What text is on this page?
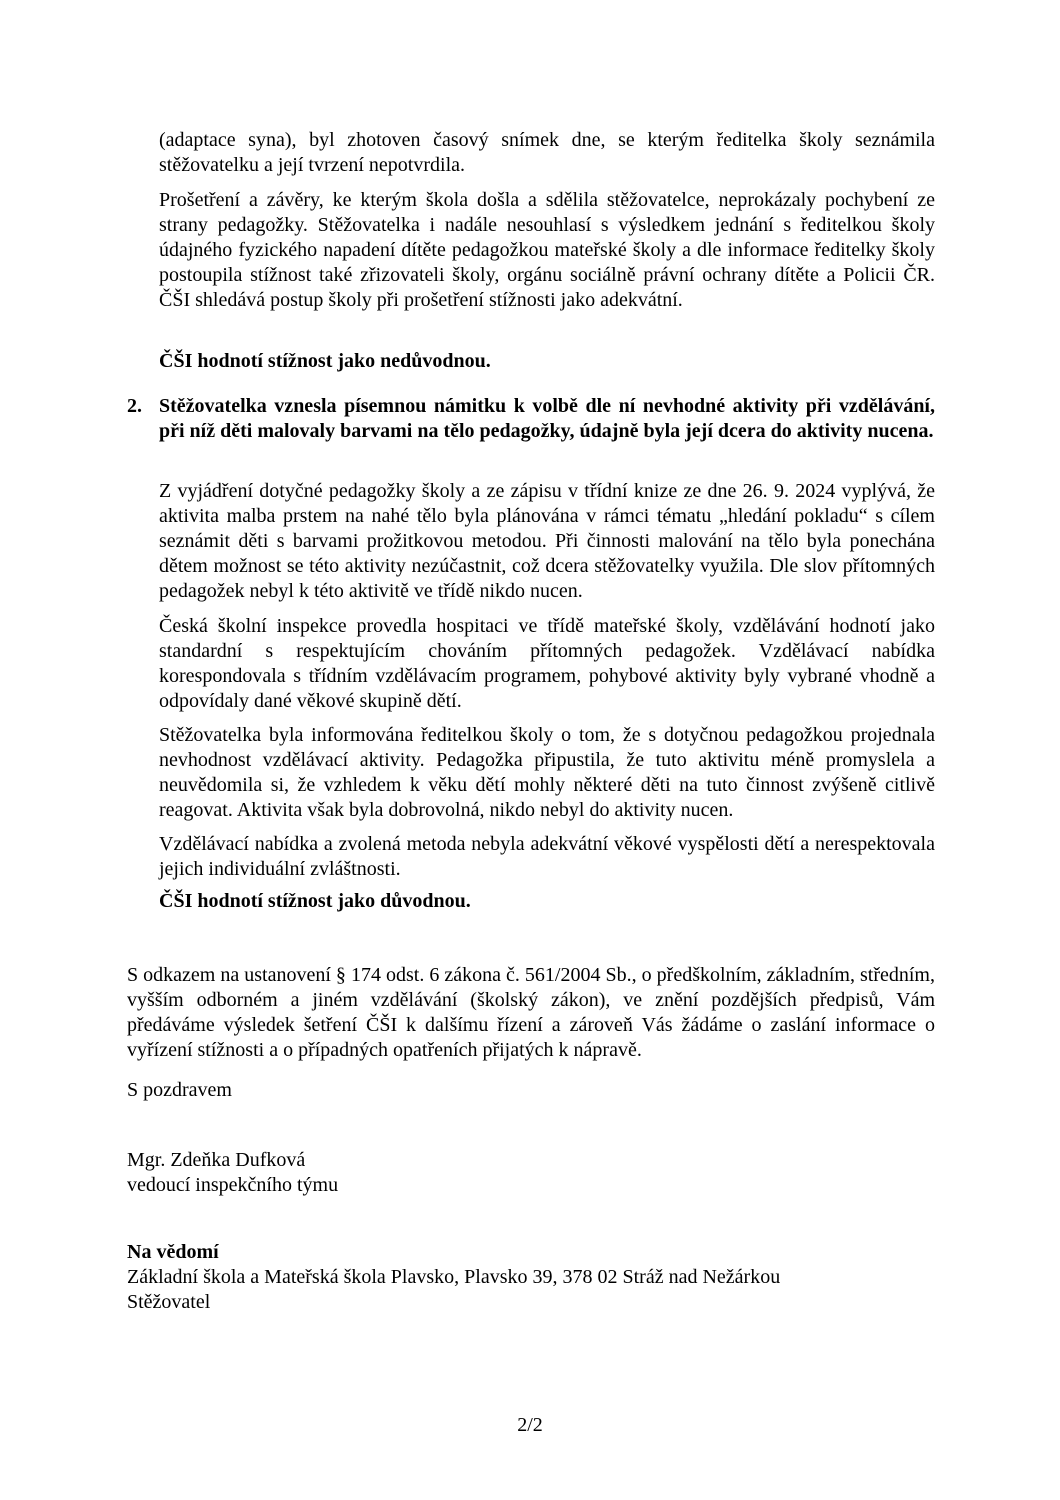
(adaptace syna), byl zhotoven časový snímek dne, se kterým ředitelka školy seznámila stěžovatelku a její tvrzení nepotvrdila.

Prošetření a závěry, ke kterým škola došla a sdělila stěžovatelce, neprokázaly pochybení ze strany pedagožky. Stěžovatelka i nadále nesouhlasí s výsledkem jednání s ředitelkou školy údajného fyzického napadení dítěte pedagožkou mateřské školy a dle informace ředitelky školy postoupila stížnost také zřizovateli školy, orgánu sociálně právní ochrany dítěte a Policii ČR. ČŠI shledává postup školy při prošetření stížnosti jako adekvátní.

ČŠI hodnotí stížnost jako nedůvodnou.

2. Stěžovatelka vznesla písemnou námitku k volbě dle ní nevhodné aktivity při vzdělávání, při níž děti malovaly barvami na tělo pedagožky, údajně byla její dcera do aktivity nucena.

Z vyjádření dotyčné pedagožky školy a ze zápisu v třídní knize ze dne 26. 9. 2024 vyplývá, že aktivita malba prstem na nahé tělo byla plánována v rámci tématu „hledání pokladu“ s cílem seznámit děti s barvami prožitkovou metodou. Při činnosti malování na tělo byla ponechána dětem možnost se této aktivity nezúčastnit, což dcera stěžovatelky využila. Dle slov přítomných pedagožek nebyl k této aktivitě ve třídě nikdo nucen.

Česká školní inspekce provedla hospitaci ve třídě mateřské školy, vzdělávání hodnotí jako standardní s respektujícím chováním přítomných pedagožek. Vzdělávací nabídka korespondovala s třídním vzdělávacím programem, pohybové aktivity byly vybrané vhodně a odpovídaly dané věkové skupině dětí.

Stěžovatelka byla informována ředitelkou školy o tom, že s dotyčnou pedagožkou projednala nevhodnost vzdělávací aktivity. Pedagožka připustila, že tuto aktivitu méně promyslela a neuvědomila si, že vzhledem k věku dětí mohly některé děti na tuto činnost zvýšeně citlivě reagovat. Aktivita však byla dobrovolná, nikdo nebyl do aktivity nucen.

Vzdělávací nabídka a zvolená metoda nebyla adekvátní věkové vyspělosti dětí a nerespektovala jejich individuální zvláštnosti.

ČŠI hodnotí stížnost jako důvodnou.

S odkazem na ustanovení § 174 odst. 6 zákona č. 561/2004 Sb., o předškolním, základním, středním, vyšším odborném a jiném vzdělávání (školský zákon), ve znění pozdějších předpisů, Vám předáváme výsledek šetření ČŠI k dalšímu řízení a zároveň Vás žádáme o zaslání informace o vyřízení stížnosti a o případných opatřeních přijatých k nápravě.

S pozdravem

Mgr. Zdeňka Dufková

vedoucí inspekčního týmu

Na vědomí

Základní škola a Mateřská škola Plavsko, Plavsko 39, 378 02 Stráž nad Nežárkou

Stěžovatel

2/2
